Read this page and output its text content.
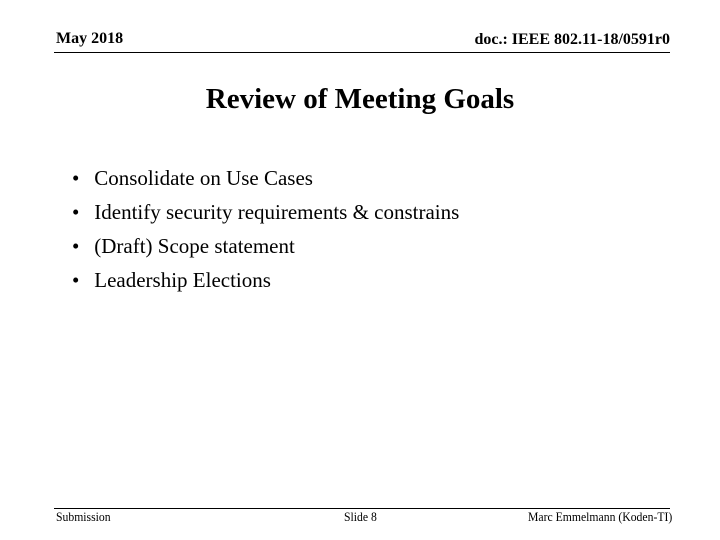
May 2018	doc.: IEEE 802.11-18/0591r0
Review of Meeting Goals
• Consolidate on Use Cases
• Identify security requirements & constrains
• (Draft) Scope statement
• Leadership Elections
Submission	Slide 8	Marc Emmelmann (Koden-TI)
